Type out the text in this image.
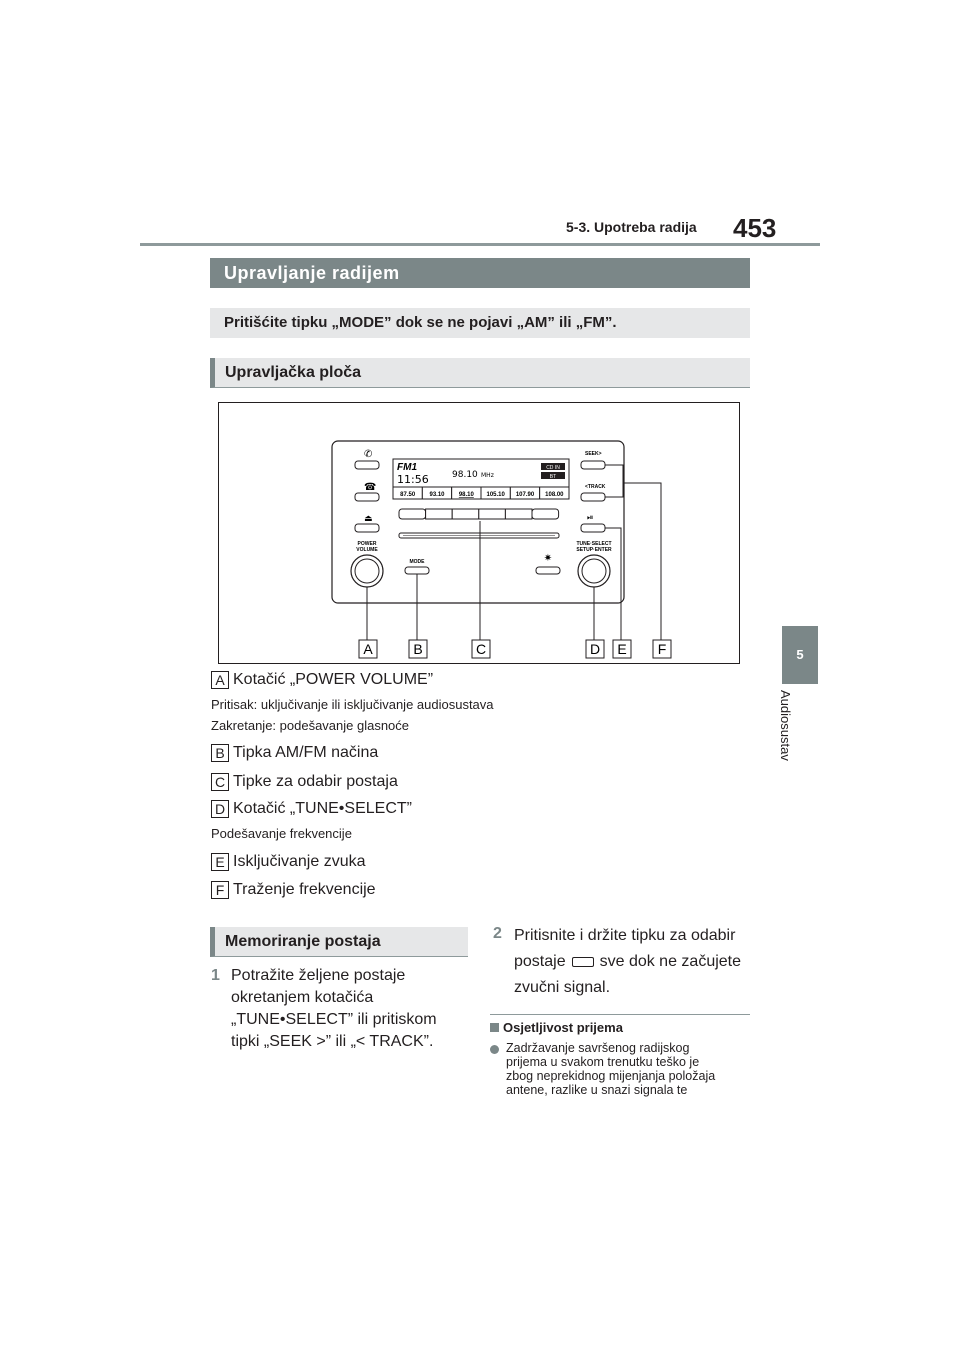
5-3. Upotreba radija 453
5
Audiosustav
Upravljanje radijem
Pritišćite tipku „MODE” dok se ne pojavi „AM” ili „FM”.
Upravljačka ploča
✆
☎
⏏
POWER
VOLUME
FM1
11:56	98.10 MHz
CD IN
BT
87.50 93.10 98.10 105.10 107.90 108.00
MODE	✷
SEEK>
<TRACK
⏯
TUNE·SELECT
SETUP·ENTER
A	B	C	D E F
A Kotačić „POWER VOLUME”
Pritisak: uključivanje ili isključivanje audiosustava
Zakretanje: podešavanje glasnoće
B Tipka AM/FM načina
C Tipke za odabir postaja
D Kotačić „TUNE•SELECT”
Podešavanje frekvencije
E Isključivanje zvuka
F Traženje frekvencije
Memoriranje postaja
1 Potražite željene postaje
okretanjem kotačića
„TUNE•SELECT” ili pritiskom
tipki „SEEK >” ili „< TRACK”.
2 Pritisnite i držite tipku za odabir
postaje sve dok ne začujete
zvučni signal.
Osjetljivost prijema
Zadržavanje savršenog radijskog
prijema u svakom trenutku teško je
zbog neprekidnog mijenjanja položaja
antene, razlike u snazi signala te
